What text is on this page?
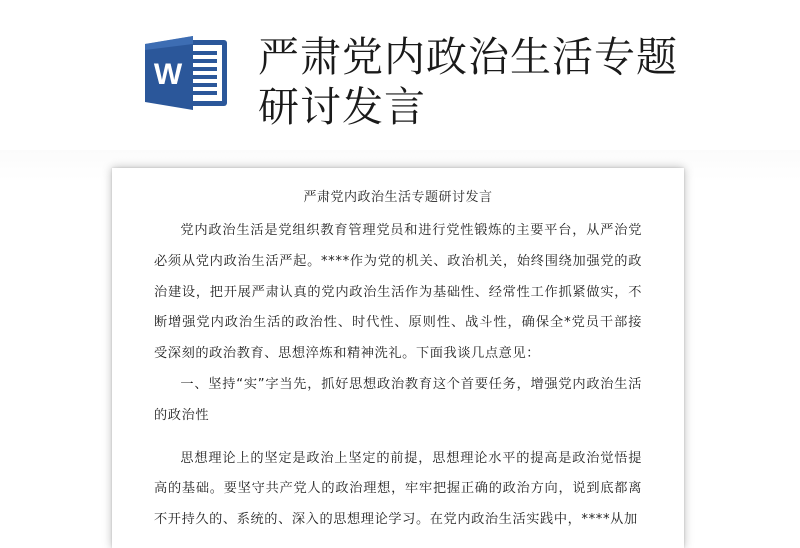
W 严肃党内政治生活专题研讨发言
严肃党内政治生活专题研讨发言

党内政治生活是党组织教育管理党员和进行党性锻炼的主要平台，从严治党必须从党内政治生活严起。****作为党的机关、政治机关，始终围绕加强党的政治建设，把开展严肃认真的党内政治生活作为基础性、经常性工作抓紧做实，不断增强党内政治生活的政治性、时代性、原则性、战斗性，确保全*党员干部接受深刻的政治教育、思想淬炼和精神洗礼。下面我谈几点意见：

一、坚持“实”字当先，抓好思想政治教育这个首要任务，增强党内政治生活的政治性

思想理论上的坚定是政治上坚定的前提，思想理论水平的提高是政治觉悟提高的基础。要坚守共产党人的政治理想，牢牢把握正确的政治方向，说到底都离不开持久的、系统的、深入的思想理论学习。在党内政治生活实践中，****从加
